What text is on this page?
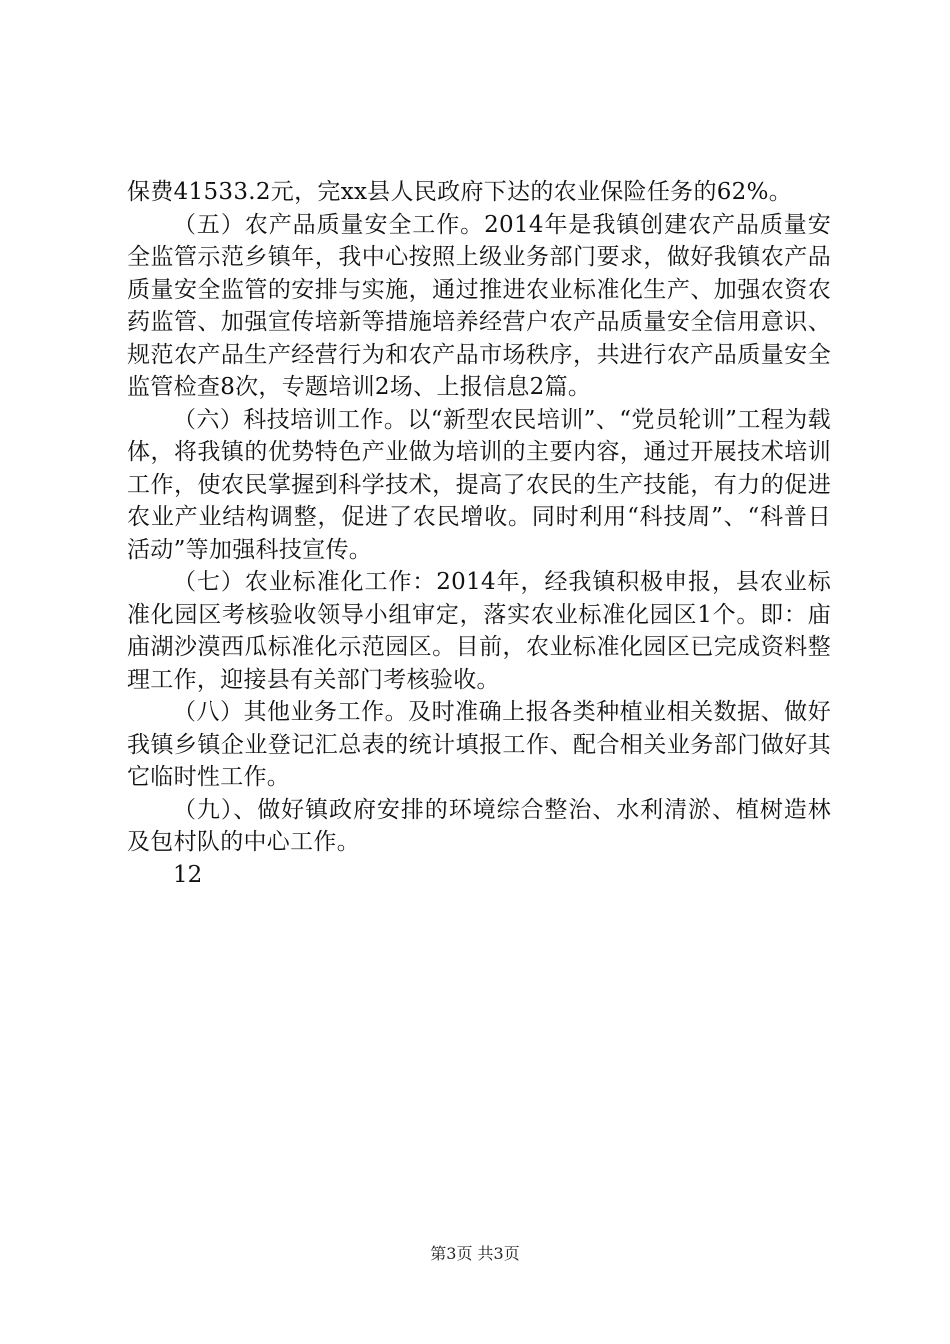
保费41533.2元，完xx县人民政府下达的农业保险任务的62%。

（五）农产品质量安全工作。2014年是我镇创建农产品质量安全监管示范乡镇年，我中心按照上级业务部门要求，做好我镇农产品质量安全监管的安排与实施，通过推进农业标准化生产、加强农资农药监管、加强宣传培新等措施培养经营户农产品质量安全信用意识、规范农产品生产经营行为和农产品市场秩序，共进行农产品质量安全监管检查8次，专题培训2场、上报信息2篇。

（六）科技培训工作。以“新型农民培训”、“党员轮训”工程为载体，将我镇的优势特色产业做为培训的主要内容，通过开展技术培训工作，使农民掌握到科学技术，提高了农民的生产技能，有力的促进农业产业结构调整，促进了农民增收。同时利用“科技周”、“科普日活动”等加强科技宣传。

（七）农业标准化工作：2014年，经我镇积极申报，县农业标准化园区考核验收领导小组审定，落实农业标准化园区1个。即：庙庙湖沙漠西瓜标准化示范园区。目前，农业标准化园区已完成资料整理工作，迎接县有关部门考核验收。

（八）其他业务工作。及时准确上报各类种植业相关数据、做好我镇乡镇企业登记汇总表的统计填报工作、配合相关业务部门做好其它临时性工作。

（九）、做好镇政府安排的环境综合整治、水利清淤、植树造林及包村队的中心工作。

12

第3页 共3页
